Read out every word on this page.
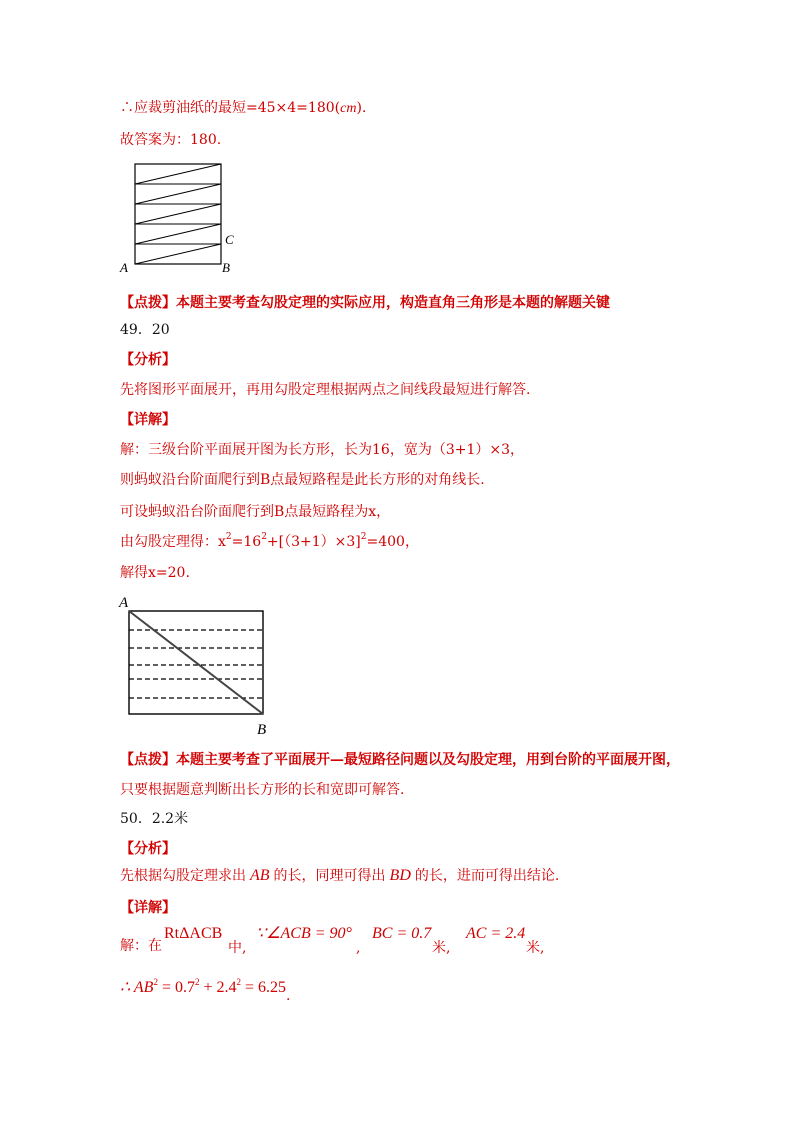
∴应裁剪油纸的最短=45×4=180(cm).
故答案为：180.
C
A	B
【点拨】本题主要考查勾股定理的实际应用，构造直角三角形是本题的解题关键
49．20
【分析】
先将图形平面展开，再用勾股定理根据两点之间线段最短进行解答.
【详解】
解：三级台阶平面展开图为长方形，长为16，宽为（3+1）×3，
则蚂蚁沿台阶面爬行到B点最短路程是此长方形的对角线长.
可设蚂蚁沿台阶面爬行到B点最短路程为x，
由勾股定理得：$x^2=16^2+[(3+1)\times 3]^2=400$，
解得x=20.
A
B
【点拨】本题主要考查了平面展开—最短路径问题以及勾股定理，用到台阶的平面展开图，
只要根据题意判断出长方形的长和宽即可解答.
50．2.2米
【分析】
先根据勾股定理求出 AB 的长，同理可得出 BD 的长，进而可得出结论.
【详解】
解：在
RtΔACB
中,
∵∠ACB = 90°
,
BC = 0.7
米,
AC = 2.4
米,
∴ $AB^2 = 0.7^2 + 2.4^2 = 6.25$.
